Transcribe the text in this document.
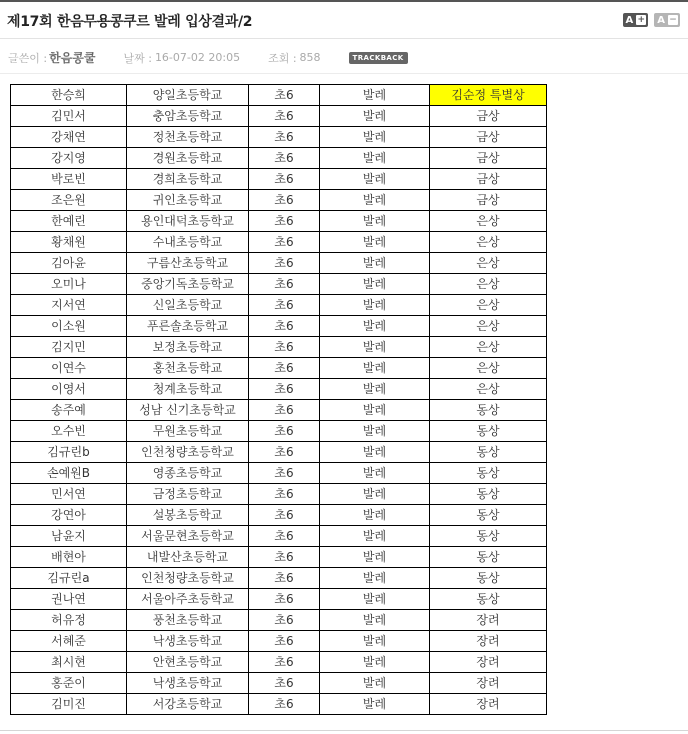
제17회 한음무용콩쿠르 발레 입상결과/2	A + A −
글쓴이 : 한음콩쿨	날짜 : 16-07-02 20:05	조회 : 858	TRACKBACK
한승희	양일초등학교	초6	발레	김순정 특별상
김민서	충암초등학교	초6	발레	금상
강채연	정천초등학교	초6	발레	금상
강지영	경원초등학교	초6	발레	금상
박로빈	경희초등학교	초6	발레	금상
조은원	귀인초등학교	초6	발레	금상
한예린	용인대덕초등학교	초6	발레	은상
황채원	수내초등학교	초6	발레	은상
김아윤	구름산초등학교	초6	발레	은상
오미나	중앙기독초등학교	초6	발레	은상
지서연	신일초등학교	초6	발레	은상
이소원	푸른솔초등학교	초6	발레	은상
김지민	보정초등학교	초6	발레	은상
이연수	홍천초등학교	초6	발레	은상
이영서	청계초등학교	초6	발레	은상
송주예	성남 신기초등학교	초6	발레	동상
오수빈	무원초등학교	초6	발레	동상
김규린b	인천청량초등학교	초6	발레	동상
손예원B	영종초등학교	초6	발레	동상
민서연	금정초등학교	초6	발레	동상
강연아	설봉초등학교	초6	발레	동상
남윤지	서울문현초등학교	초6	발레	동상
배현아	내발산초등학교	초6	발레	동상
김규린a	인천청량초등학교	초6	발레	동상
권나연	서울아주초등학교	초6	발레	동상
허유정	풍천초등학교	초6	발레	장려
서혜준	낙생초등학교	초6	발레	장려
최시현	안현초등학교	초6	발레	장려
홍준이	낙생초등학교	초6	발레	장려
김미진	서강초등학교	초6	발레	장려
